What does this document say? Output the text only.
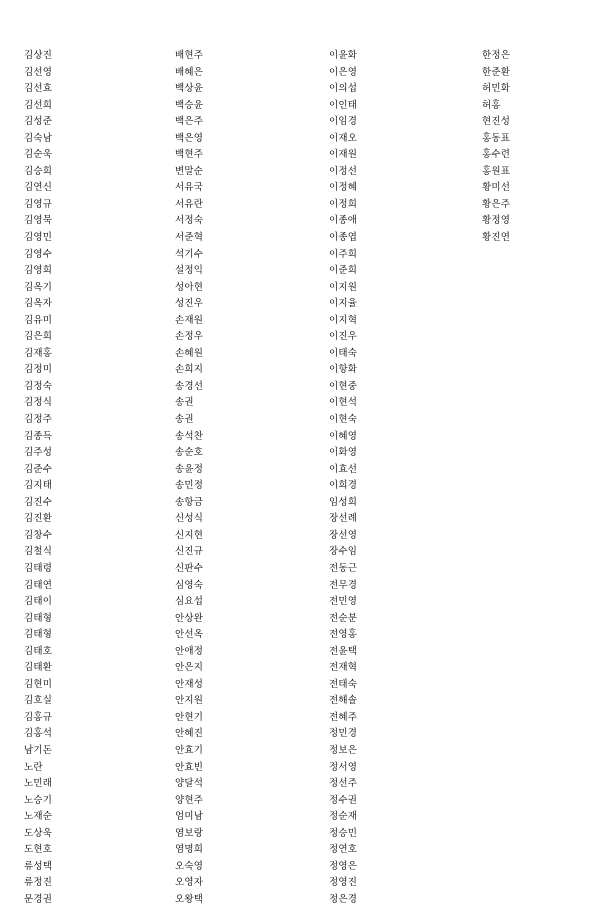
김상진
김선영
김선효
김선희
김성준
김숙남
김순욱
김승희
김연신
김영규
김영묵
김영민
김영수
김영희
김옥기
김옥자
김유미
김은희
김재홍
김정미
김정숙
김정식
김정주
김종득
김주성
김준수
김지태
김진수
김진환
김창수
김철식
김태령
김태연
김태이
김태형
김태형
김태호
김태환
김현미
김호실
김홍규
김홍석
남기돈
노란
노민래
노승기
노재순
도상욱
도현호
류성택
류정진
문경권
배현주
배혜은
백상윤
백승윤
백은주
백은영
백현주
변말순
서유국
서유란
서정숙
서준혁
석기수
설정익
성아현
성진우
손재원
손정우
손혜원
손희지
송경선
송권
송권
송석찬
송순호
송윤정
송민정
송항금
신성식
신지현
신진규
신판수
심영숙
심요섭
안상완
안선옥
안애정
안은지
안재성
안지원
안현기
안혜진
안효기
안효빈
양달석
양현주
엄미남
염보랑
염명희
오숙영
오영자
오왕택
이윤화
이은영
이의섭
이인태
이임경
이재오
이재원
이정선
이정혜
이정희
이종애
이종엽
이주희
이준희
이지원
이지율
이지혁
이진우
이태숙
이항화
이현중
이현석
이현숙
이혜영
이화영
이효선
이희경
임성희
장선례
장선영
장수임
전동근
전무경
전민영
전순분
전영홍
전윤택
전재혁
전태숙
전해솔
전혜주
정민경
정보은
정서영
정선주
정수권
정순재
정승민
정연호
정영은
정영진
정은경
한정은
한준환
허민화
허홍
현진성
홍동표
홍수련
홍원표
황미선
황은주
황정영
황진연
